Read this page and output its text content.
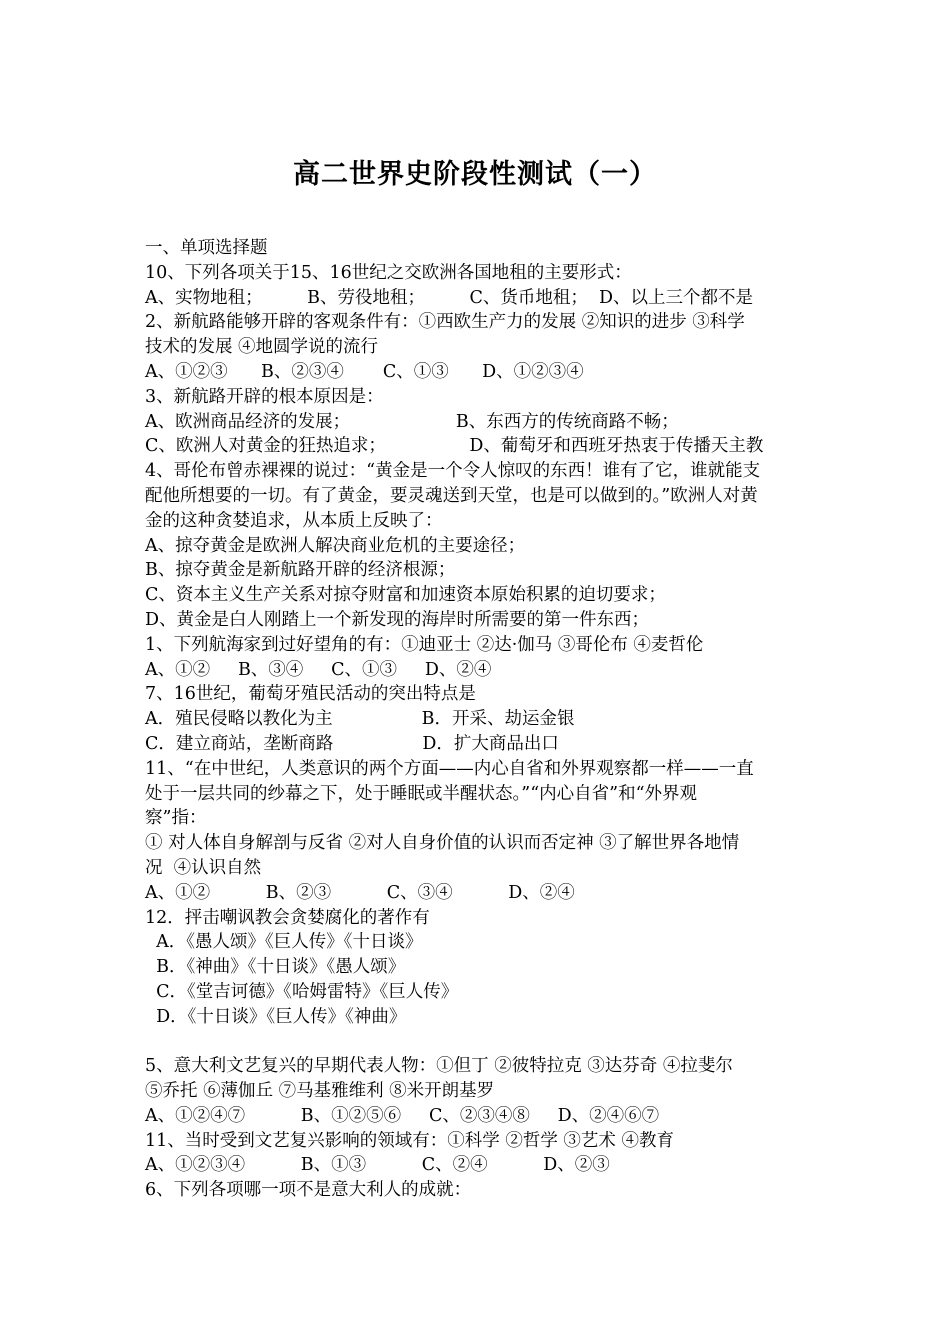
高二世界史阶段性测试（一）
一、单项选择题
10、下列各项关于15、16世纪之交欧洲各国地租的主要形式：
A、实物地租；        B、劳役地租；        C、货币地租；  D、以上三个都不是
2、新航路能够开辟的客观条件有：①西欧生产力的发展 ②知识的进步 ③科学
技术的发展 ④地圆学说的流行
A、①②③      B、②③④       C、①③      D、①②③④
3、新航路开辟的根本原因是：
A、欧洲商品经济的发展；                   B、东西方的传统商路不畅；
C、欧洲人对黄金的狂热追求；               D、葡萄牙和西班牙热衷于传播天主教
4、哥伦布曾赤裸裸的说过：“黄金是一个令人惊叹的东西！谁有了它，谁就能支
配他所想要的一切。有了黄金，要灵魂送到天堂，也是可以做到的。”欧洲人对黄
金的这种贪婪追求，从本质上反映了：
A、掠夺黄金是欧洲人解决商业危机的主要途径；
B、掠夺黄金是新航路开辟的经济根源；
C、资本主义生产关系对掠夺财富和加速资本原始积累的迫切要求；
D、黄金是白人刚踏上一个新发现的海岸时所需要的第一件东西；
1、下列航海家到过好望角的有：①迪亚士 ②达·伽马 ③哥伦布 ④麦哲伦
A、①②     B、③④     C、①③     D、②④
7、16世纪，葡萄牙殖民活动的突出特点是
A．殖民侵略以教化为主                B．开采、劫运金银
C．建立商站，垄断商路                D．扩大商品出口
11、“在中世纪，人类意识的两个方面——内心自省和外界观察都一样——一直
处于一层共同的纱幕之下，处于睡眠或半醒状态。”“内心自省”和“外界观
察”指：
① 对人体自身解剖与反省 ②对人自身价值的认识而否定神 ③了解世界各地情
况  ④认识自然
A、①②          B、②③          C、③④          D、②④
12．抨击嘲讽教会贪婪腐化的著作有
A．《愚人颂》《巨人传》《十日谈》
B．《神曲》《十日谈》《愚人颂》
C．《堂吉诃德》《哈姆雷特》《巨人传》
D．《十日谈》《巨人传》《神曲》
5、意大利文艺复兴的早期代表人物：①但丁 ②彼特拉克 ③达芬奇 ④拉斐尔
⑤乔托 ⑥薄伽丘 ⑦马基雅维利 ⑧米开朗基罗
A、①②④⑦          B、①②⑤⑥     C、②③④⑧     D、②④⑥⑦
11、当时受到文艺复兴影响的领域有：①科学 ②哲学 ③艺术 ④教育
A、①②③④          B、①③          C、②④          D、②③
6、下列各项哪一项不是意大利人的成就：
